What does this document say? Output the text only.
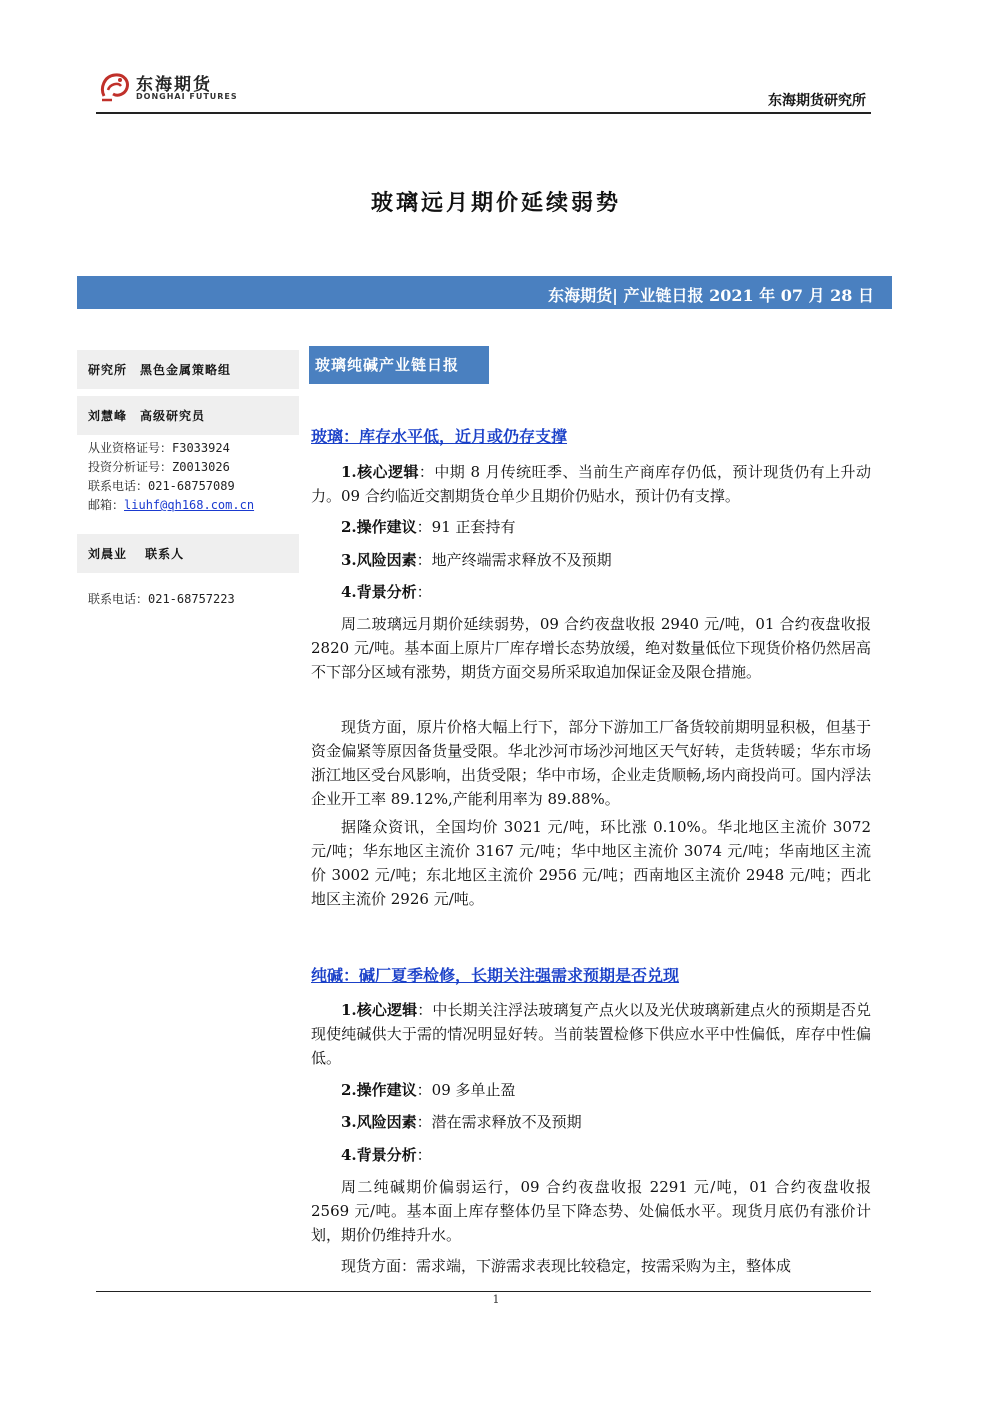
东海期货
DONGHAI FUTURES	东海期货研究所
玻璃远月期价延续弱势
东海期货| 产业链日报 2021 年 07 月 28 日
研究所　黑色金属策略组
刘慧峰　高级研究员
从业资格证号：F3033924
投资分析证号：Z0013026
联系电话：021-68757089
邮箱：liuhf@qh168.com.cn
刘晨业　 联系人
联系电话：021-68757223
玻璃纯碱产业链日报
玻璃：库存水平低，近月或仍存支撑
1.核心逻辑：中期 8 月传统旺季、当前生产商库存仍低，预计现货仍有上升动力。09 合约临近交割期货仓单少且期价仍贴水，预计仍有支撑。
2.操作建议：91 正套持有
3.风险因素：地产终端需求释放不及预期
4.背景分析：
周二玻璃远月期价延续弱势，09 合约夜盘收报 2940 元/吨，01 合约夜盘收报 2820 元/吨。基本面上原片厂库存增长态势放缓，绝对数量低位下现货价格仍然居高不下部分区域有涨势，期货方面交易所采取追加保证金及限仓措施。
现货方面，原片价格大幅上行下，部分下游加工厂备货较前期明显积极，但基于资金偏紧等原因备货量受限。华北沙河市场沙河地区天气好转，走货转暖；华东市场浙江地区受台风影响，出货受限；华中市场，企业走货顺畅,场内商投尚可。国内浮法企业开工率 89.12%,产能利用率为 89.88%。
据隆众资讯，全国均价 3021 元/吨，环比涨 0.10%。华北地区主流价 3072 元/吨；华东地区主流价 3167 元/吨；华中地区主流价 3074 元/吨；华南地区主流价 3002 元/吨；东北地区主流价 2956 元/吨；西南地区主流价 2948 元/吨；西北地区主流价 2926 元/吨。
纯碱：碱厂夏季检修，长期关注强需求预期是否兑现
1.核心逻辑：中长期关注浮法玻璃复产点火以及光伏玻璃新建点火的预期是否兑现使纯碱供大于需的情况明显好转。当前装置检修下供应水平中性偏低，库存中性偏低。
2.操作建议：09 多单止盈
3.风险因素：潜在需求释放不及预期
4.背景分析：
周二纯碱期价偏弱运行，09 合约夜盘收报 2291 元/吨，01 合约夜盘收报 2569 元/吨。基本面上库存整体仍呈下降态势、处偏低水平。现货月底仍有涨价计划，期价仍维持升水。
现货方面：需求端，下游需求表现比较稳定，按需采购为主，整体成
1
